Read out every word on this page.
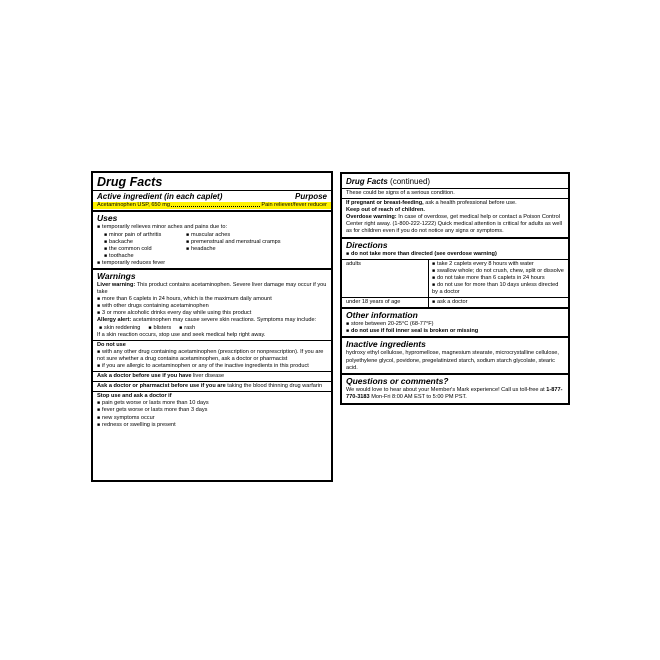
Drug Facts
Active ingredient (in each caplet)	Purpose
Acetaminophen USP, 650 mg	Pain reliever/fever reducer
Uses
■ temporarily relieves minor aches and pains due to:
■ minor pain of arthritis
■ backache
■ the common cold
■ toothache
■ muscular aches
■ premenstrual and menstrual cramps
■ headache
■ temporarily reduces fever
Warnings
Liver warning: This product contains acetaminophen. Severe liver damage may occur if you take
■ more than 6 caplets in 24 hours, which is the maximum daily amount
■ with other drugs containing acetaminophen
■ 3 or more alcoholic drinks every day while using this product
Allergy alert: acetaminophen may cause severe skin reactions. Symptoms may include:
■ skin reddening	■ blisters	■ rash
If a skin reaction occurs, stop use and seek medical help right away.
Do not use
■ with any other drug containing acetaminophen (prescription or nonprescription). If you are not sure whether a drug contains acetaminophen, ask a doctor or pharmacist
■ if you are allergic to acetaminophen or any of the inactive ingredients in this product
Ask a doctor before use if you have liver disease
Ask a doctor or pharmacist before use if you are taking the blood thinning drug warfarin
Stop use and ask a doctor if
■ pain gets worse or lasts more than 10 days
■ fever gets worse or lasts more than 3 days
■ new symptoms occur
■ redness or swelling is present
Drug Facts (continued)
These could be signs of a serious condition.
If pregnant or breast-feeding, ask a health professional before use.
Keep out of reach of children.
Overdose warning: In case of overdose, get medical help or contact a Poison Control Center right away. (1-800-222-1222) Quick medical attention is critical for adults as well as for children even if you do not notice any signs or symptoms.
Directions
■ do not take more than directed (see overdose warning)
adults	■ take 2 caplets every 8 hours with water
■ swallow whole; do not crush, chew, split or dissolve
■ do not take more than 6 caplets in 24 hours
■ do not use for more than 10 days unless directed by a doctor
under 18 years of age	■ ask a doctor
Other information
■ store between 20-25°C (68-77°F)
■ do not use if foil inner seal is broken or missing
Inactive ingredients
hydroxy ethyl cellulose, hypromellose, magnesium stearate, microcrystalline cellulose, polyethylene glycol, povidone, pregelatinized starch, sodium starch glycolate, stearic acid.
Questions or comments?
We would love to hear about your Member's Mark experience! Call us toll-free at 1-877-770-3183 Mon-Fri 8:00 AM EST to 5:00 PM PST.
